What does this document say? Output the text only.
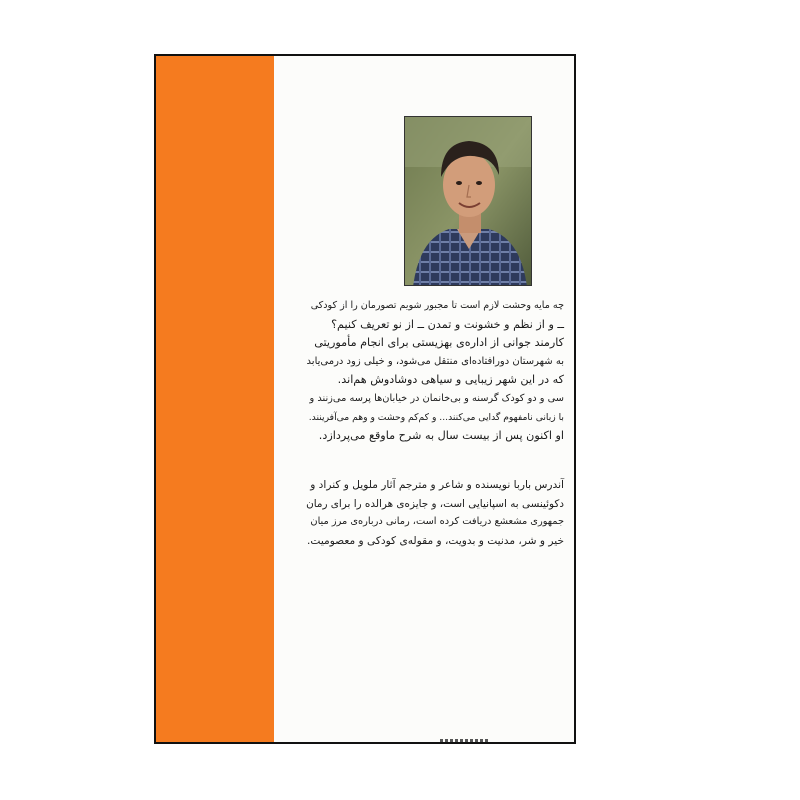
چه مایه وحشت لازم است تا مجبور شویم تصورمان را از کودکی
ــ و از نظم و خشونت و تمدن ــ از نو تعریف کنیم؟
کارمند جوانی از اداره‌ی بهزیستی برای انجام مأموریتی
به شهرستان دورافتاده‌ای منتقل می‌شود، و خیلی زود درمی‌یابد
که در این شهر زیبایی و سیاهی دوشادوش هم‌اند.
سی و دو کودک گرسنه و بی‌خانمان در خیابان‌ها پرسه می‌زنند و
با زبانی نامفهوم گدایی می‌کنند... و کم‌کم وحشت و وهم می‌آفرینند.
او اکنون پس از بیست سال به شرح ماوقع می‌پردازد.

آندرس باربا نویسنده و شاعر و مترجم آثار ملویل و کنراد و
دکوئینسی به اسپانیایی است، و جایزه‌ی هرالده را برای رمان
جمهوری مشعشع دریافت کرده است، رمانی درباره‌ی مرز میان
خیر و شر، مدنیت و بدویت، و مقوله‌ی کودکی و معصومیت.
